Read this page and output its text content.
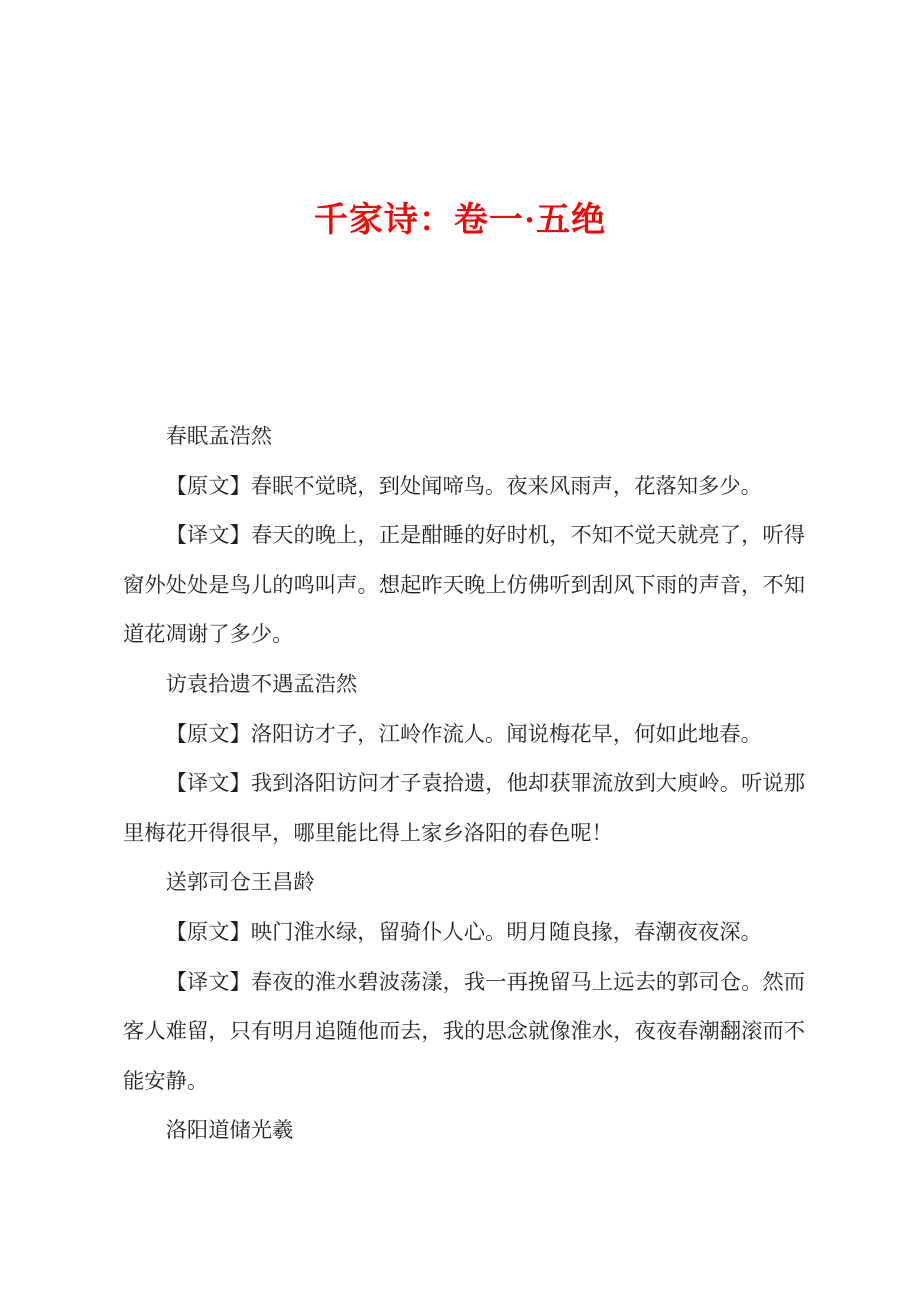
千家诗：卷一·五绝

春眠孟浩然

【原文】春眠不觉晓，到处闻啼鸟。夜来风雨声，花落知多少。

【译文】春天的晚上，正是酣睡的好时机，不知不觉天就亮了，听得
窗外处处是鸟儿的鸣叫声。想起昨天晚上仿佛听到刮风下雨的声音，不知
道花凋谢了多少。

访袁拾遗不遇孟浩然

【原文】洛阳访才子，江岭作流人。闻说梅花早，何如此地春。

【译文】我到洛阳访问才子袁拾遗，他却获罪流放到大庾岭。听说那
里梅花开得很早，哪里能比得上家乡洛阳的春色呢！

送郭司仓王昌龄

【原文】映门淮水绿，留骑仆人心。明月随良掾，春潮夜夜深。

【译文】春夜的淮水碧波荡漾，我一再挽留马上远去的郭司仓。然而
客人难留，只有明月追随他而去，我的思念就像淮水，夜夜春潮翻滚而不
能安静。

洛阳道储光羲
